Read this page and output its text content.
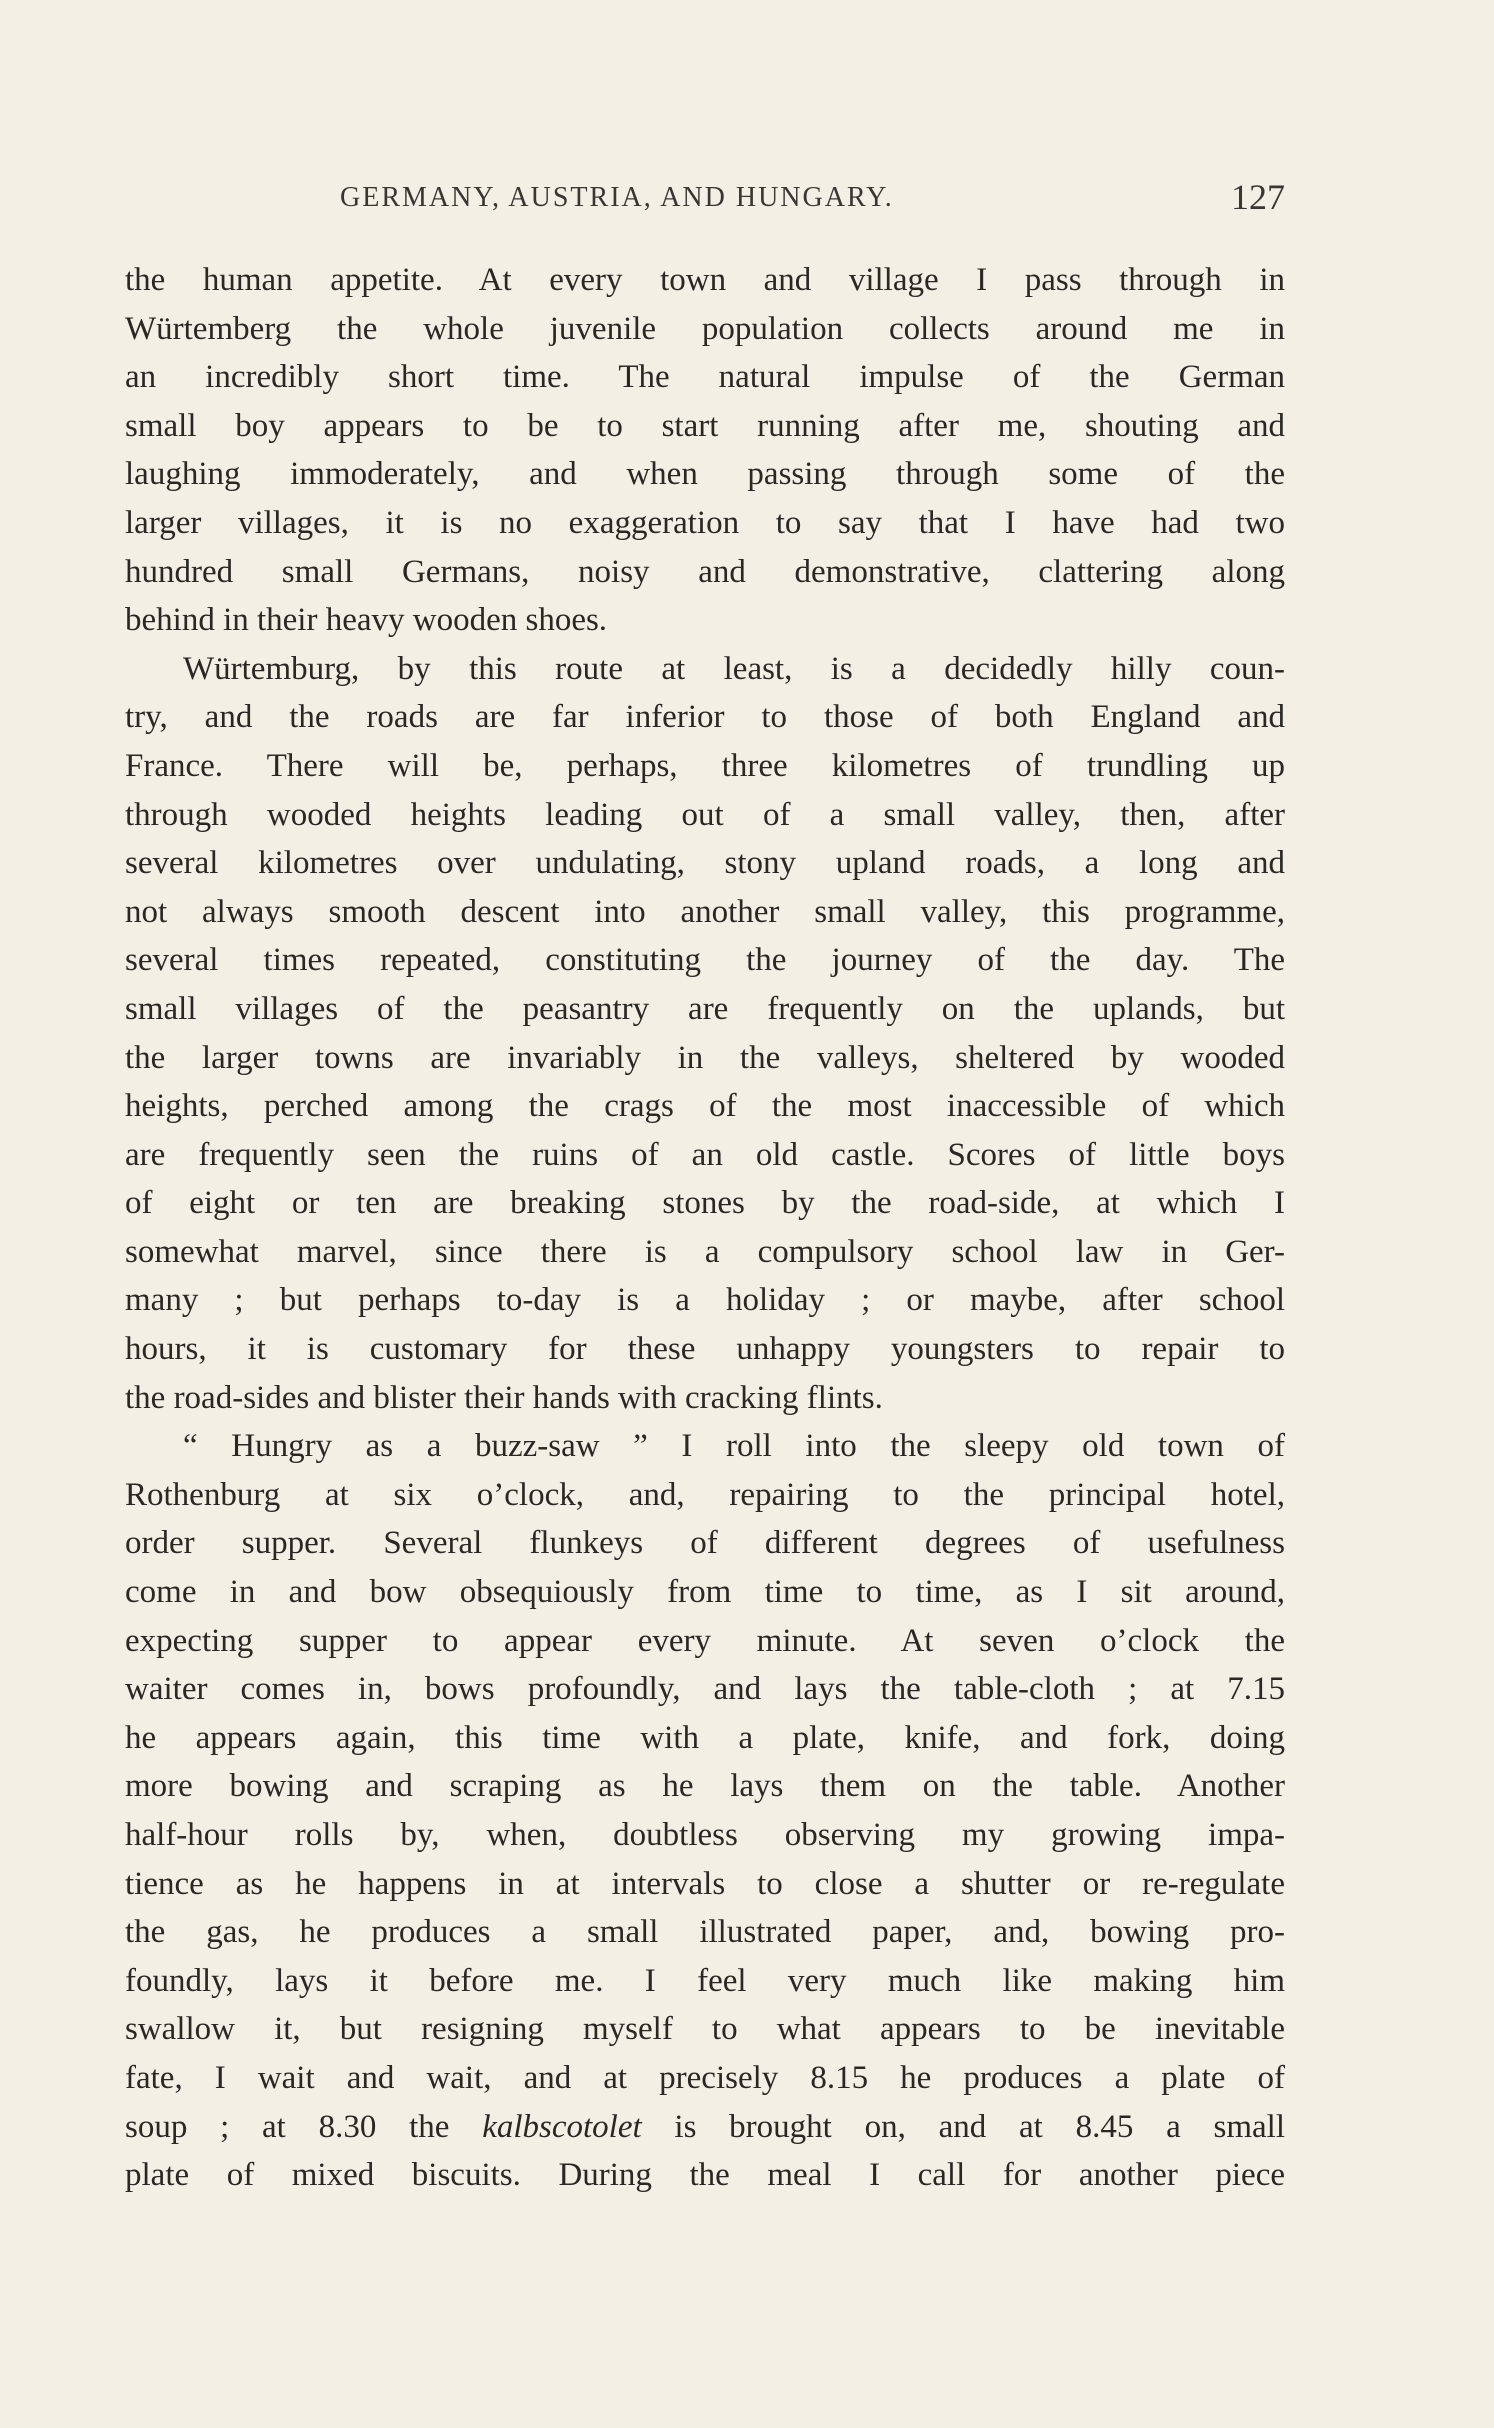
GERMANY, AUSTRIA, AND HUNGARY.	127
the human appetite. At every town and village I pass through in
Würtemberg the whole juvenile population collects around me in
an incredibly short time. The natural impulse of the German
small boy appears to be to start running after me, shouting and
laughing immoderately, and when passing through some of the
larger villages, it is no exaggeration to say that I have had two
hundred small Germans, noisy and demonstrative, clattering along
behind in their heavy wooden shoes.
Würtemburg, by this route at least, is a decidedly hilly coun-
try, and the roads are far inferior to those of both England and
France. There will be, perhaps, three kilometres of trundling up
through wooded heights leading out of a small valley, then, after
several kilometres over undulating, stony upland roads, a long and
not always smooth descent into another small valley, this programme,
several times repeated, constituting the journey of the day. The
small villages of the peasantry are frequently on the uplands, but
the larger towns are invariably in the valleys, sheltered by wooded
heights, perched among the crags of the most inaccessible of which
are frequently seen the ruins of an old castle. Scores of little boys
of eight or ten are breaking stones by the road-side, at which I
somewhat marvel, since there is a compulsory school law in Ger-
many ; but perhaps to-day is a holiday ; or maybe, after school
hours, it is customary for these unhappy youngsters to repair to
the road-sides and blister their hands with cracking flints.
“ Hungry as a buzz-saw ” I roll into the sleepy old town of
Rothenburg at six o’clock, and, repairing to the principal hotel,
order supper. Several flunkeys of different degrees of usefulness
come in and bow obsequiously from time to time, as I sit around,
expecting supper to appear every minute. At seven o’clock the
waiter comes in, bows profoundly, and lays the table-cloth ; at 7.15
he appears again, this time with a plate, knife, and fork, doing
more bowing and scraping as he lays them on the table. Another
half-hour rolls by, when, doubtless observing my growing impa-
tience as he happens in at intervals to close a shutter or re-regulate
the gas, he produces a small illustrated paper, and, bowing pro-
foundly, lays it before me. I feel very much like making him
swallow it, but resigning myself to what appears to be inevitable
fate, I wait and wait, and at precisely 8.15 he produces a plate of
soup ; at 8.30 the kalbscotolet is brought on, and at 8.45 a small
plate of mixed biscuits. During the meal I call for another piece
